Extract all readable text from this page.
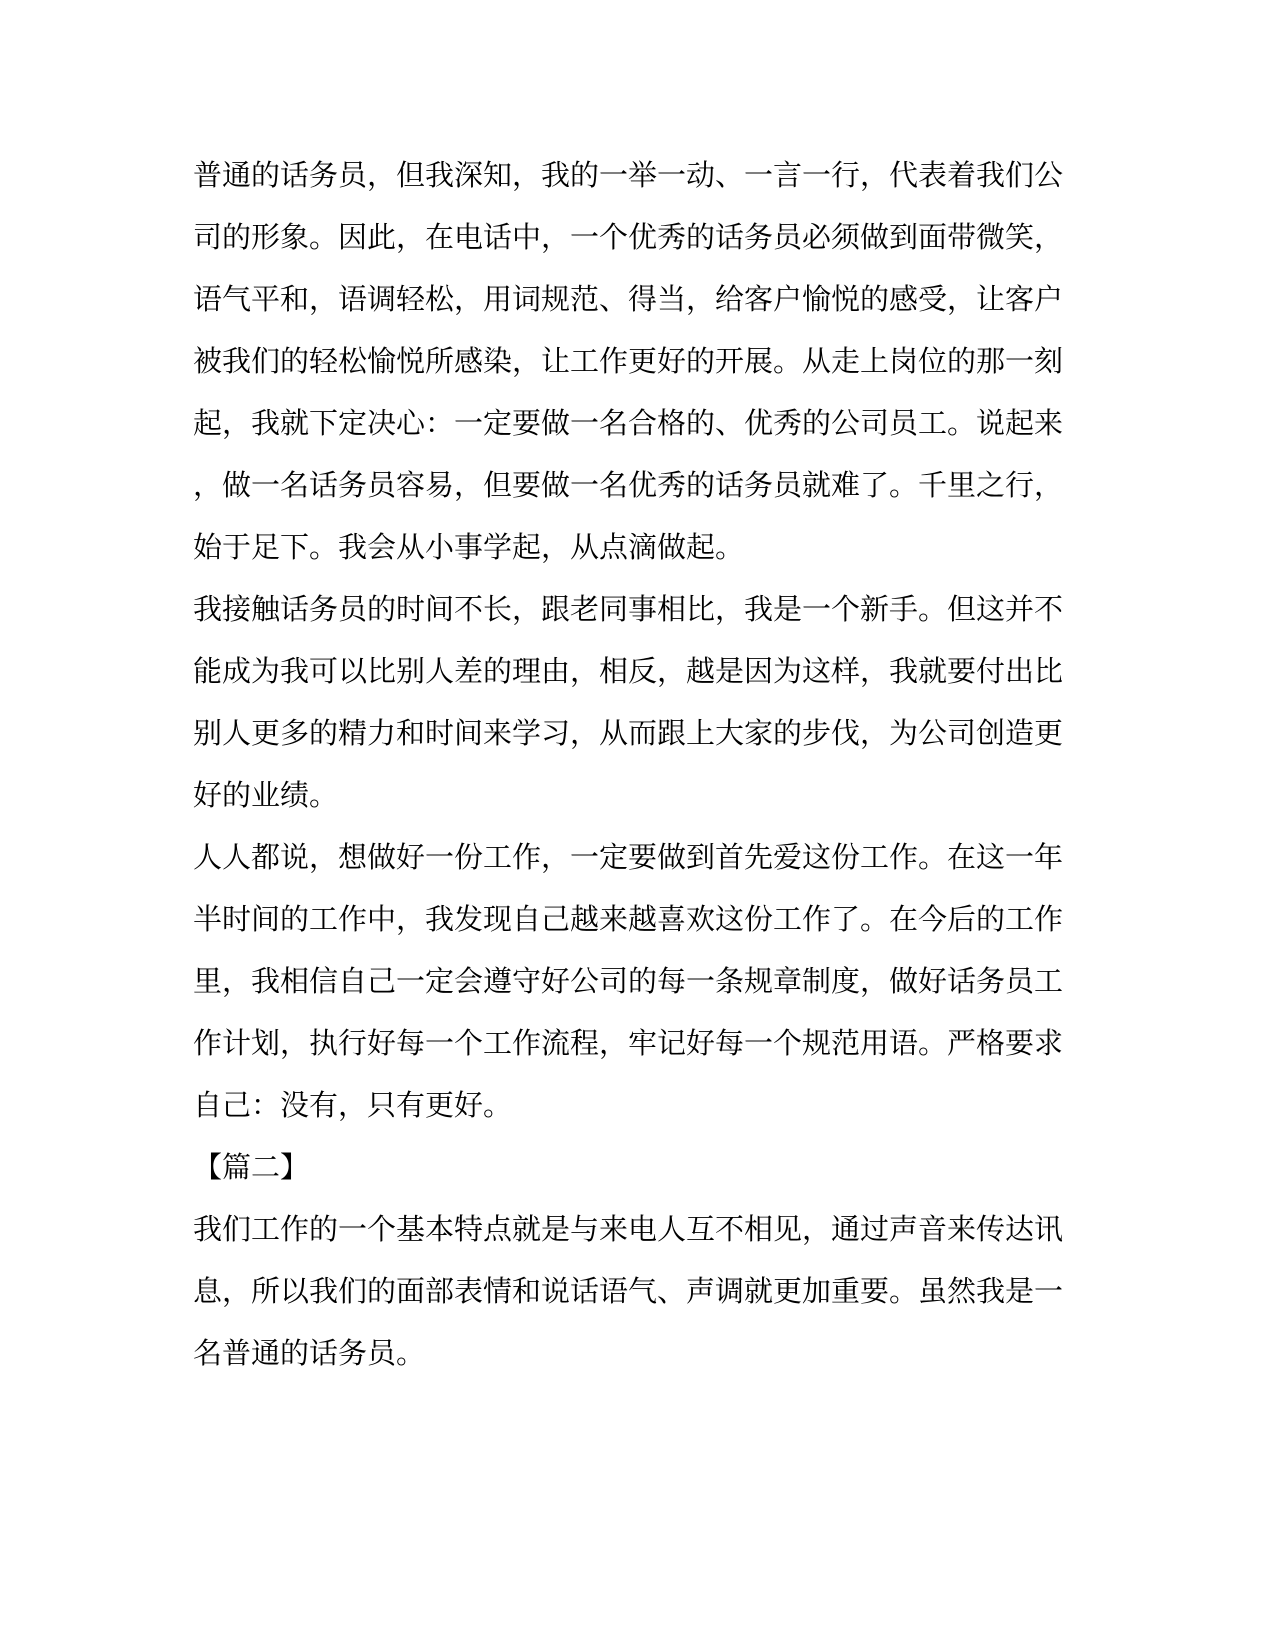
普通的话务员，但我深知，我的一举一动、一言一行，代表着我们公
司的形象。因此，在电话中，一个优秀的话务员必须做到面带微笑，
语气平和，语调轻松，用词规范、得当，给客户愉悦的感受，让客户
被我们的轻松愉悦所感染，让工作更好的开展。从走上岗位的那一刻
起，我就下定决心：一定要做一名合格的、优秀的公司员工。说起来
，做一名话务员容易，但要做一名优秀的话务员就难了。千里之行，
始于足下。我会从小事学起，从点滴做起。
我接触话务员的时间不长，跟老同事相比，我是一个新手。但这并不
能成为我可以比别人差的理由，相反，越是因为这样，我就要付出比
别人更多的精力和时间来学习，从而跟上大家的步伐，为公司创造更
好的业绩。
人人都说，想做好一份工作，一定要做到首先爱这份工作。在这一年
半时间的工作中，我发现自己越来越喜欢这份工作了。在今后的工作
里，我相信自己一定会遵守好公司的每一条规章制度，做好话务员工
作计划，执行好每一个工作流程，牢记好每一个规范用语。严格要求
自己：没有，只有更好。
【篇二】
我们工作的一个基本特点就是与来电人互不相见，通过声音来传达讯
息，所以我们的面部表情和说话语气、声调就更加重要。虽然我是一
名普通的话务员。
